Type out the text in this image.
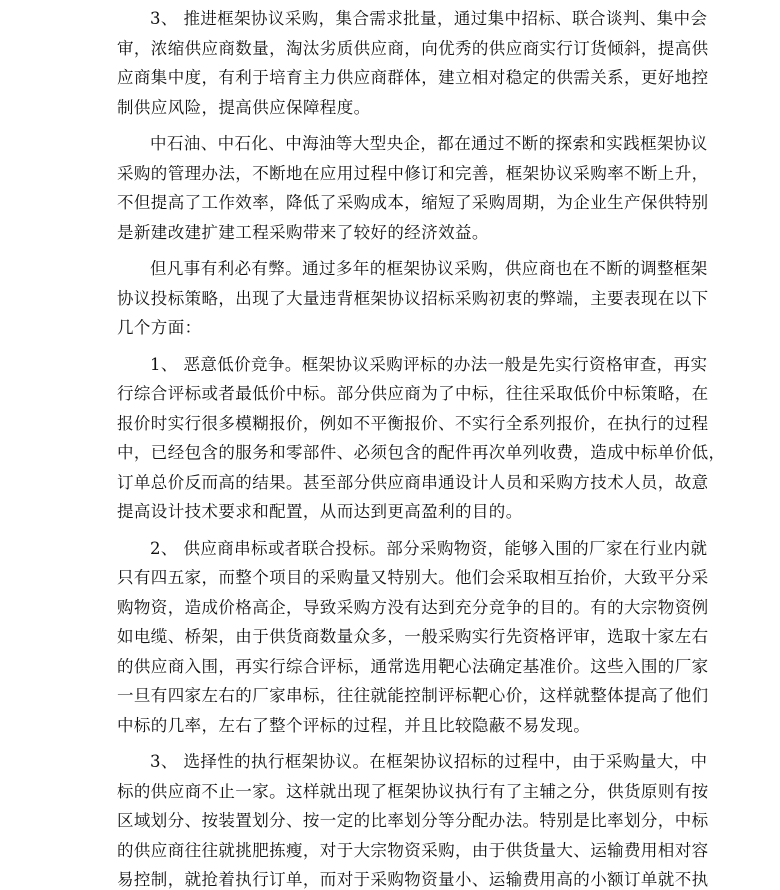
3、 推进框架协议采购，集合需求批量，通过集中招标、联合谈判、集中会
审，浓缩供应商数量，淘汰劣质供应商，向优秀的供应商实行订货倾斜，提高供
应商集中度，有利于培育主力供应商群体，建立相对稳定的供需关系，更好地控
制供应风险，提高供应保障程度。
中石油、中石化、中海油等大型央企，都在通过不断的探索和实践框架协议
采购的管理办法，不断地在应用过程中修订和完善，框架协议采购率不断上升，
不但提高了工作效率，降低了采购成本，缩短了采购周期，为企业生产保供特别
是新建改建扩建工程采购带来了较好的经济效益。
但凡事有利必有弊。通过多年的框架协议采购，供应商也在不断的调整框架
协议投标策略，出现了大量违背框架协议招标采购初衷的弊端，主要表现在以下
几个方面：
1、 恶意低价竞争。框架协议采购评标的办法一般是先实行资格审查，再实
行综合评标或者最低价中标。部分供应商为了中标，往往采取低价中标策略，在
报价时实行很多模糊报价，例如不平衡报价、不实行全系列报价，在执行的过程
中，已经包含的服务和零部件、必须包含的配件再次单列收费，造成中标单价低，
订单总价反而高的结果。甚至部分供应商串通设计人员和采购方技术人员，故意
提高设计技术要求和配置，从而达到更高盈利的目的。
2、 供应商串标或者联合投标。部分采购物资，能够入围的厂家在行业内就
只有四五家，而整个项目的采购量又特别大。他们会采取相互抬价，大致平分采
购物资，造成价格高企，导致采购方没有达到充分竞争的目的。有的大宗物资例
如电缆、桥架，由于供货商数量众多，一般采购实行先资格评审，选取十家左右
的供应商入围，再实行综合评标，通常选用靶心法确定基准价。这些入围的厂家
一旦有四家左右的厂家串标，往往就能控制评标靶心价，这样就整体提高了他们
中标的几率，左右了整个评标的过程，并且比较隐蔽不易发现。
3、 选择性的执行框架协议。在框架协议招标的过程中，由于采购量大，中
标的供应商不止一家。这样就出现了框架协议执行有了主辅之分，供货原则有按
区域划分、按装置划分、按一定的比率划分等分配办法。特别是比率划分，中标
的供应商往往就挑肥拣瘦，对于大宗物资采购，由于供货量大、运输费用相对容
易控制，就抢着执行订单，而对于采购物资量小、运输费用高的小额订单就不执
